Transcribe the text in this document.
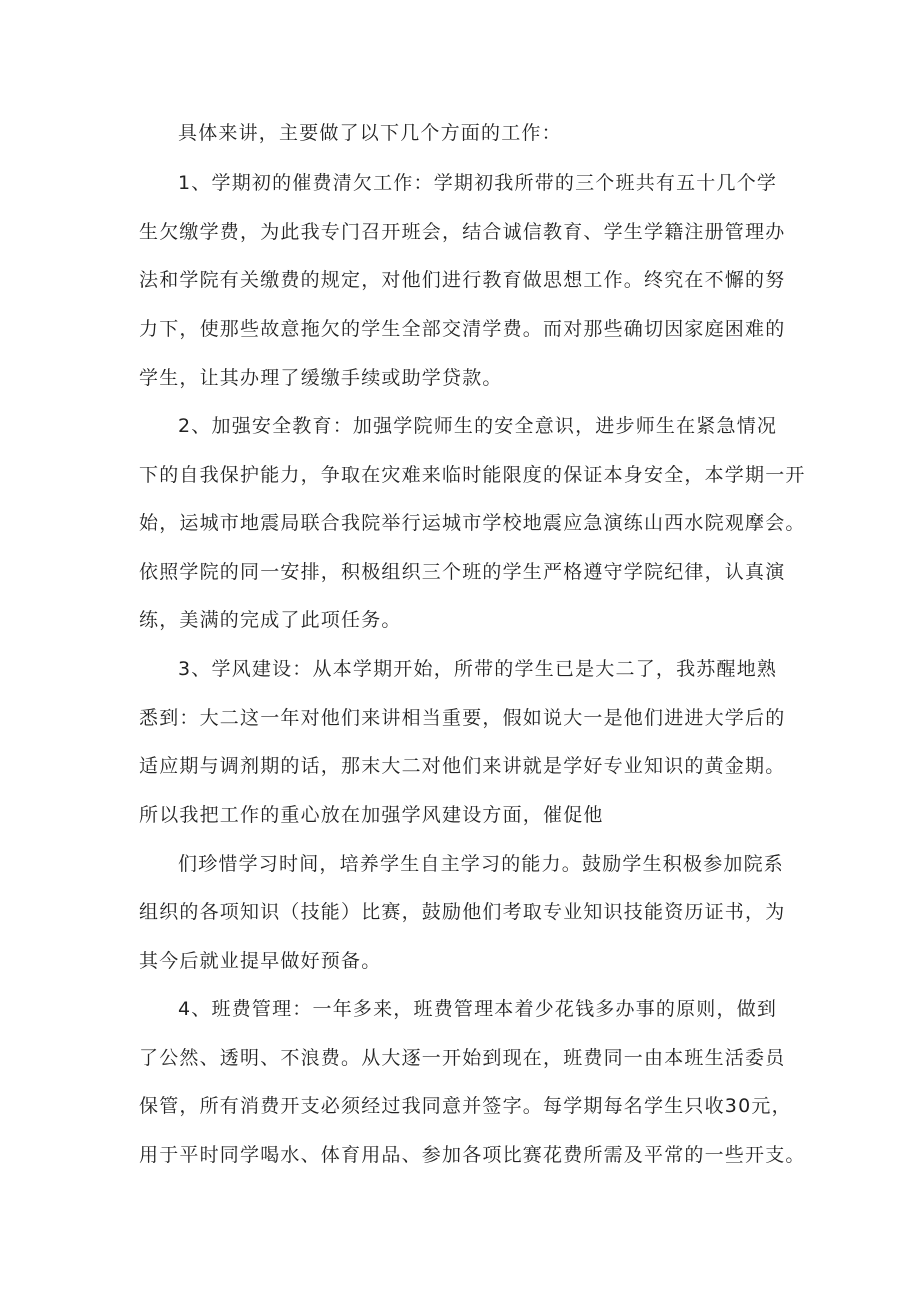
具体来讲，主要做了以下几个方面的工作：

1、学期初的催费清欠工作：学期初我所带的三个班共有五十几个学

生欠缴学费，为此我专门召开班会，结合诚信教育、学生学籍注册管理办

法和学院有关缴费的规定，对他们进行教育做思想工作。终究在不懈的努

力下，使那些故意拖欠的学生全部交清学费。而对那些确切因家庭困难的

学生，让其办理了缓缴手续或助学贷款。

2、加强安全教育：加强学院师生的安全意识，进步师生在紧急情况

下的自我保护能力，争取在灾难来临时能限度的保证本身安全，本学期一开

始，运城市地震局联合我院举行运城市学校地震应急演练山西水院观摩会。

依照学院的同一安排，积极组织三个班的学生严格遵守学院纪律，认真演

练，美满的完成了此项任务。

3、学风建设：从本学期开始，所带的学生已是大二了，我苏醒地熟

悉到：大二这一年对他们来讲相当重要，假如说大一是他们进进大学后的

适应期与调剂期的话，那末大二对他们来讲就是学好专业知识的黄金期。

所以我把工作的重心放在加强学风建设方面，催促他

们珍惜学习时间，培养学生自主学习的能力。鼓励学生积极参加院系

组织的各项知识（技能）比赛，鼓励他们考取专业知识技能资历证书，为

其今后就业提早做好预备。

4、班费管理：一年多来，班费管理本着少花钱多办事的原则，做到

了公然、透明、不浪费。从大逐一开始到现在，班费同一由本班生活委员

保管，所有消费开支必须经过我同意并签字。每学期每名学生只收30元，

用于平时同学喝水、体育用品、参加各项比赛花费所需及平常的一些开支。
